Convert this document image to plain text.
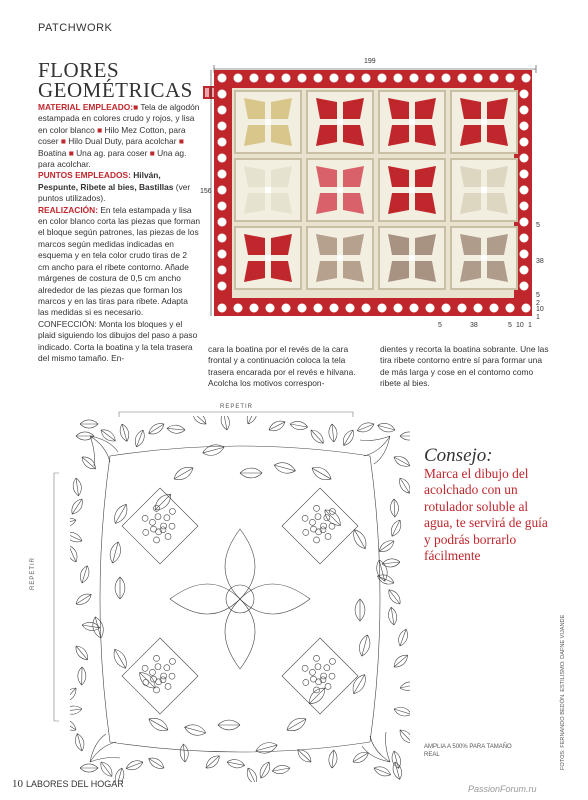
PATCHWORK
FLORES
GEOMÉTRICAS

MATERIAL EMPLEADO:■ Tela de algodón estampada en colores crudo y rojos, y lisa en color blanco ■ Hilo Mez Cotton, para coser ■ Hilo Dual Duty, para acolchar ■ Boatina ■ Una ag. para coser ■ Una ag. para acolchar.

PUNTOS EMPLEADOS: Hilván, Pespunte, Ribete al bies, Bastillas (ver puntos utilizados).

REALIZACIÓN: En tela estampada y lisa en color blanco corta las piezas que forman el bloque según patrones, las piezas de los marcos según medidas indicadas en esquema y en tela color crudo tiras de 2 cm ancho para el ribete contorno. Añade márgenes de costura de 0,5 cm ancho alrededor de las piezas que forman los marcos y en las tiras para ribete. Adapta las medidas si es necesario.

CONFECCIÓN: Monta los bloques y el plaid siguiendo los dibujos del paso a paso indicado. Corta la boatina y la tela trasera del mismo tamaño. En-

cara la boatina por el revés de la cara frontal y a continuación coloca la tela trasera encarada por el revés e hilvana. Acolcha los motivos correspon-
dientes y recorta la boatina sobrante. Une las tira ribete contorno entre sí para formar una de más larga y cose en el contorno como ribete al bies.
199
156
5
38
5
2
10
1
5	38	5 10 1
Consejo:
Marca el dibujo del acolchado con un rotulador soluble al agua, te servirá de guía y podrás borrarlo fácilmente
REPETIR
REPETIR
AMPLIA A 500% PARA TAMAÑO REAL	FOTOS: FERNANDO BEDÓN. ESTILISMO: DAFNE VIJANDE
10 LABORES DEL HOGAR	PassionForum.ru
